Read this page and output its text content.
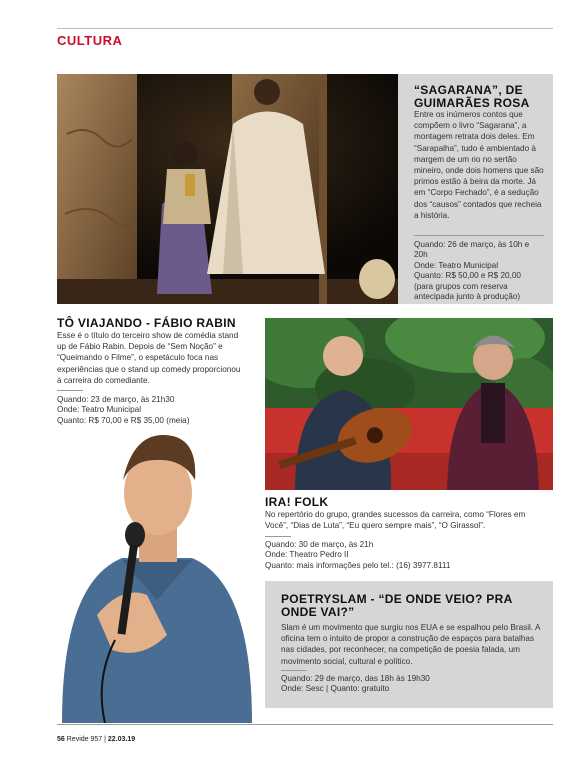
CULTURA
“SAGARANA”, DE GUIMARÃES ROSA
Entre os inúmeros contos que compõem o livro “Sagarana”, a montagem retrata dois deles. Em “Sarapalha”, tudo é ambientado à margem de um rio no sertão mineiro, onde dois homens que são primos estão à beira da morte. Já em “Corpo Fechado”, é a sedução dos “causos” contados que recheia a história.
Quando: 26 de março, às 10h e 20h
Onde: Teatro Municipal
Quanto: R$ 50,00 e R$ 20,00
(para grupos com reserva antecipada junto à produção)
TÔ VIAJANDO - FÁBIO RABIN
Esse é o título do terceiro show de comédia stand up de Fábio Rabin. Depois de “Sem Noção” e “Queimando o Filme”, o espetáculo foca nas experiências que o stand up comedy proporcionou à carreira do comediante.
Quando: 23 de março, às 21h30
Onde: Teatro Municipal
Quanto: R$ 70,00 e R$ 35,00 (meia)
IRA! FOLK
No repertório do grupo, grandes sucessos da carreira, como “Flores em Você”, “Dias de Luta”, “Eu quero sempre mais”, “O Girassol”.
Quando: 30 de março, às 21h
Onde: Theatro Pedro II
Quanto: mais informações pelo tel.: (16) 3977.8111
POETRYSLAM - “DE ONDE VEIO? PRA ONDE VAI?”
Slam é um movimento que surgiu nos EUA e se espalhou pelo Brasil. A oficina tem o intuito de propor a construção de espaços para batalhas nas cidades, por reconhecer, na competição de poesia falada, um movimento social, cultural e político.
Quando: 29 de março, das 18h às 19h30
Onde: Sesc | Quanto: gratuito
56 Revide 957 | 22.03.19
